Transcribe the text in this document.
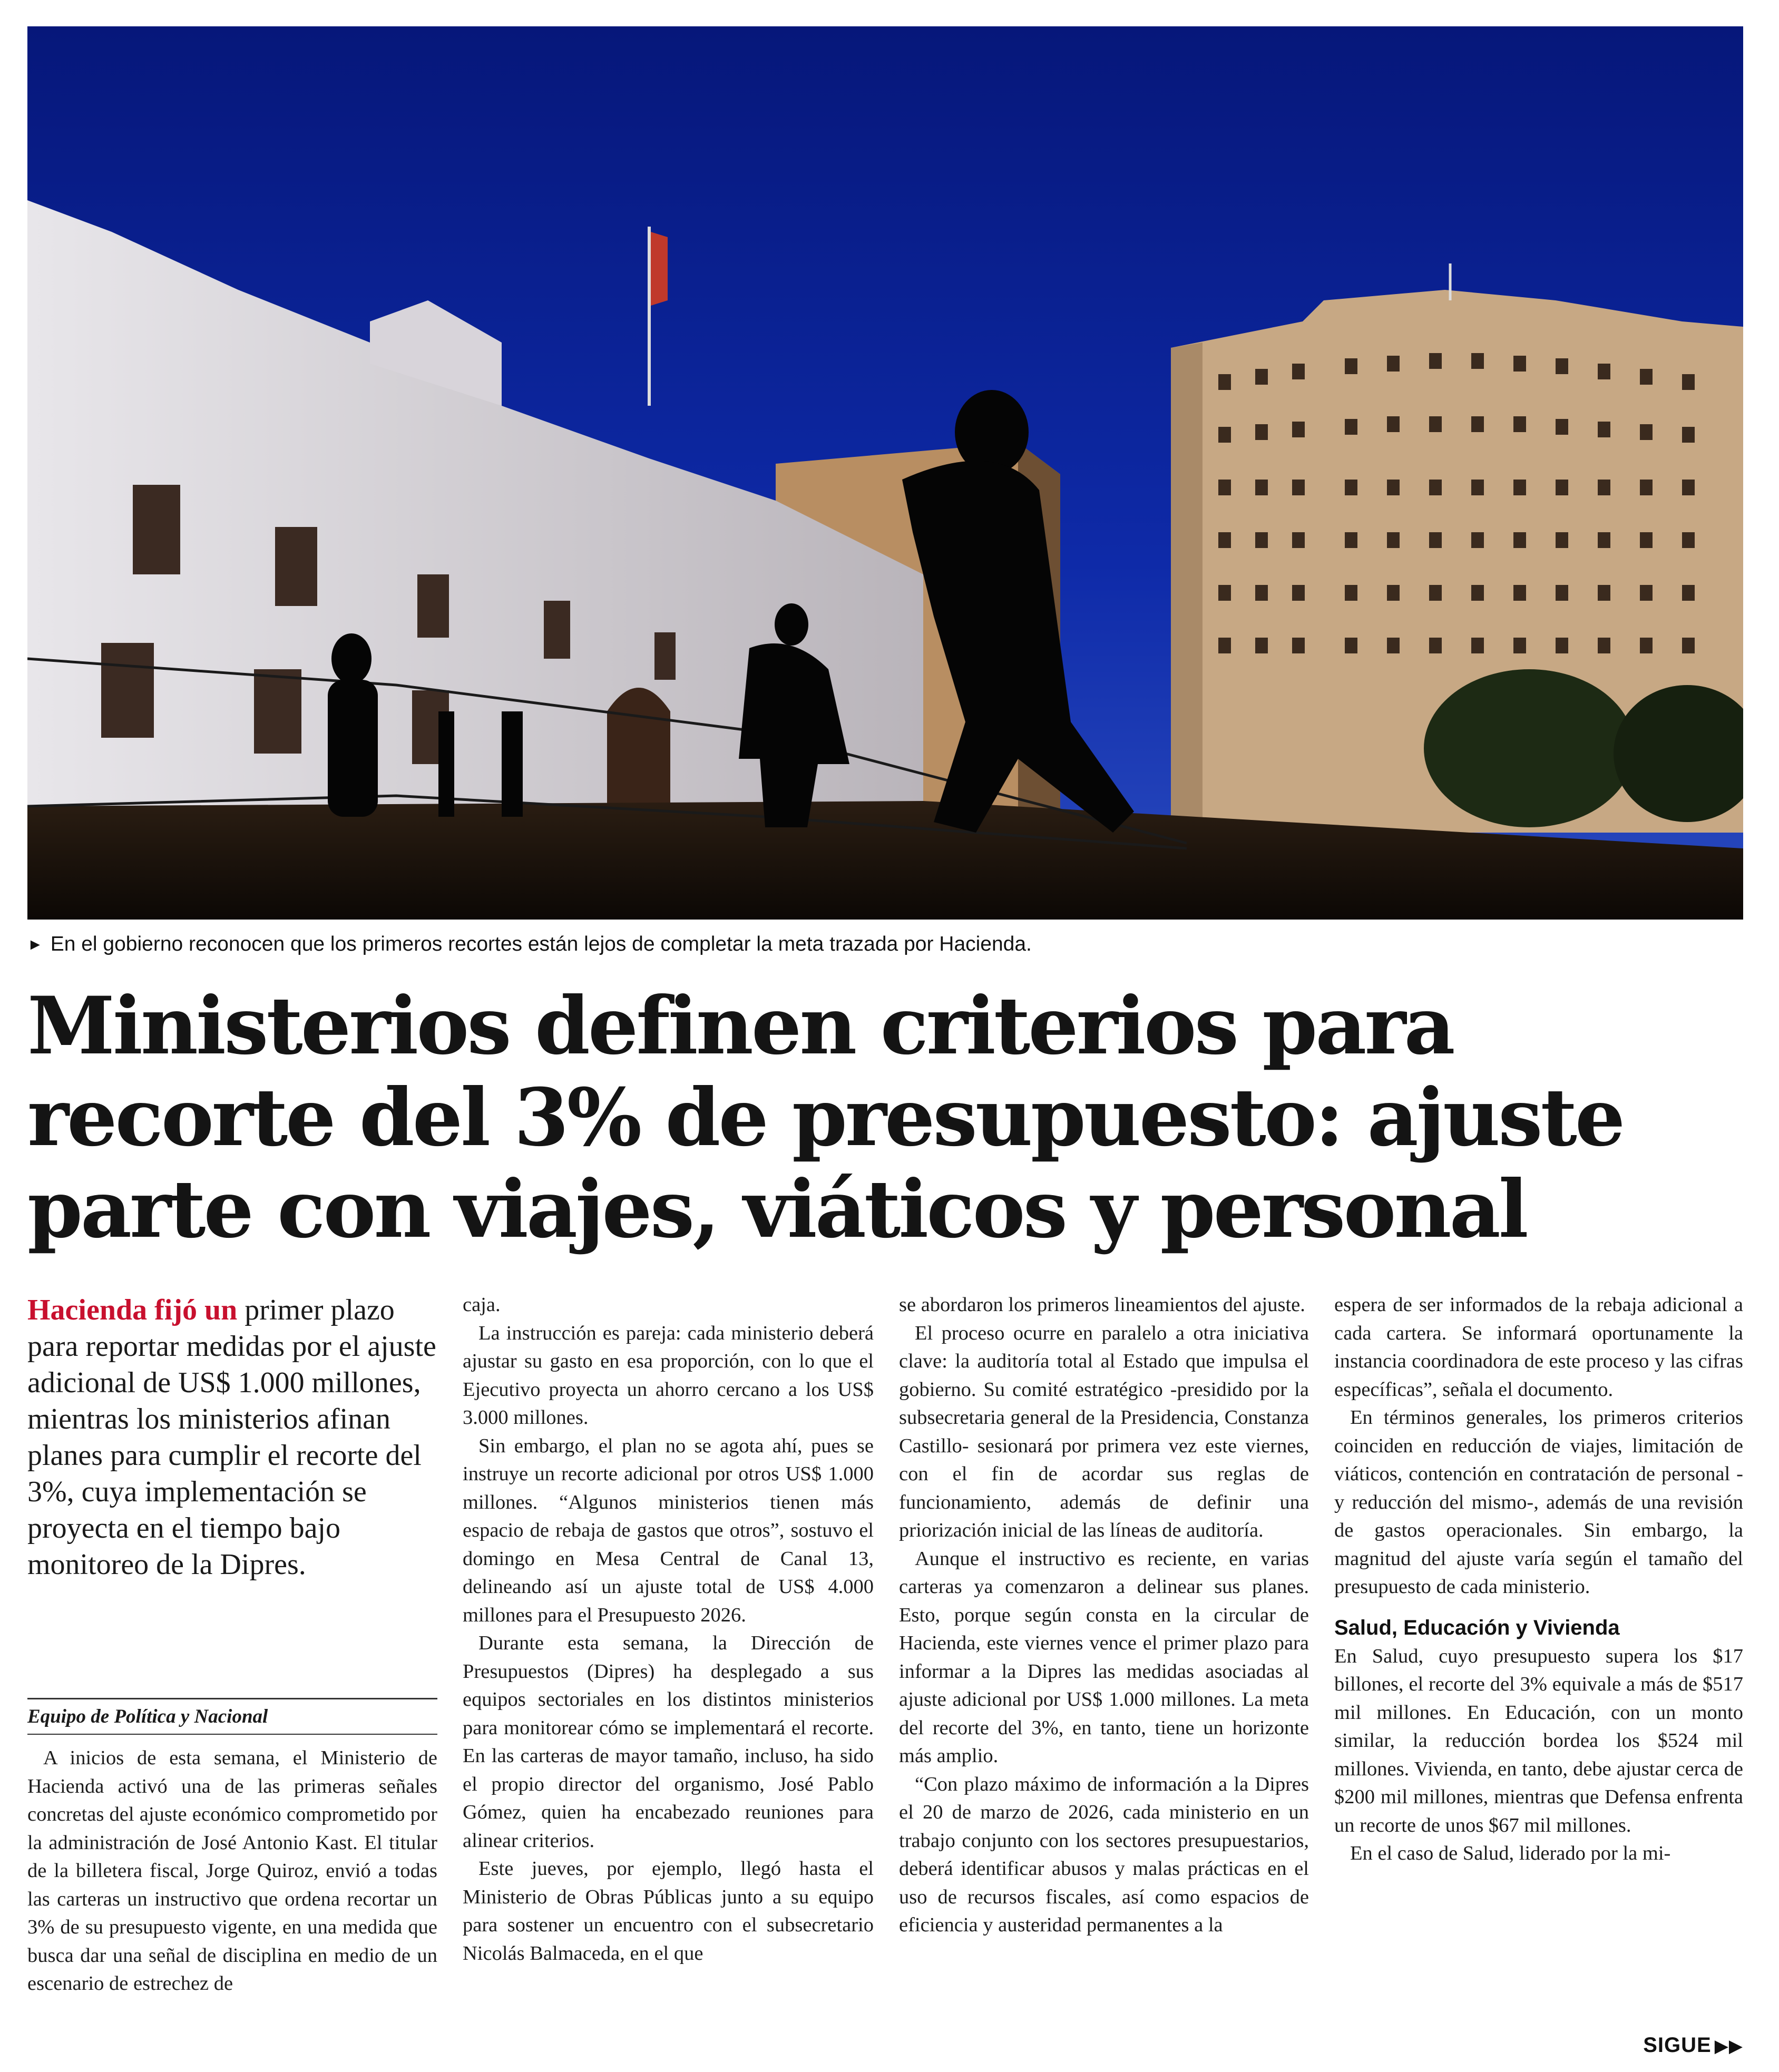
► En el gobierno reconocen que los primeros recortes están lejos de completar la meta trazada por Hacienda.
Ministerios definen criterios para
recorte del 3% de presupuesto: ajuste
parte con viajes, viáticos y personal
Hacienda fijó un primer plazo para reportar medidas por el ajuste adicional de US$ 1.000 millones, mientras los ministerios afinan planes para cumplir el recorte del 3%, cuya implementación se proyecta en el tiempo bajo monitoreo de la Dipres.
Equipo de Política y Nacional

A inicios de esta semana, el Ministerio de Hacienda activó una de las primeras señales concretas del ajuste económico comprometido por la administración de José Antonio Kast. El titular de la billetera fiscal, Jorge Quiroz, envió a todas las carteras un instructivo que ordena recortar un 3% de su presupuesto vigente, en una medida que busca dar una señal de disciplina en medio de un escenario de estrechez de

caja.

La instrucción es pareja: cada ministerio deberá ajustar su gasto en esa proporción, con lo que el Ejecutivo proyecta un ahorro cercano a los US$ 3.000 millones.

Sin embargo, el plan no se agota ahí, pues se instruye un recorte adicional por otros US$ 1.000 millones. “Algunos ministerios tienen más espacio de rebaja de gastos que otros”, sostuvo el domingo en Mesa Central de Canal 13, delineando así un ajuste total de US$ 4.000 millones para el Presupuesto 2026.

Durante esta semana, la Dirección de Presupuestos (Dipres) ha desplegado a sus equipos sectoriales en los distintos ministerios para monitorear cómo se implementará el recorte. En las carteras de mayor tamaño, incluso, ha sido el propio director del organismo, José Pablo Gómez, quien ha encabezado reuniones para alinear criterios.

Este jueves, por ejemplo, llegó hasta el Ministerio de Obras Públicas junto a su equipo para sostener un encuentro con el subsecretario Nicolás Balmaceda, en el que

se abordaron los primeros lineamientos del ajuste.

El proceso ocurre en paralelo a otra iniciativa clave: la auditoría total al Estado que impulsa el gobierno. Su comité estratégico -presidido por la subsecretaria general de la Presidencia, Constanza Castillo- sesionará por primera vez este viernes, con el fin de acordar sus reglas de funcionamiento, además de definir una priorización inicial de las líneas de auditoría.

Aunque el instructivo es reciente, en varias carteras ya comenzaron a delinear sus planes. Esto, porque según consta en la circular de Hacienda, este viernes vence el primer plazo para informar a la Dipres las medidas asociadas al ajuste adicional por US$ 1.000 millones. La meta del recorte del 3%, en tanto, tiene un horizonte más amplio.

“Con plazo máximo de información a la Dipres el 20 de marzo de 2026, cada ministerio en un trabajo conjunto con los sectores presupuestarios, deberá identificar abusos y malas prácticas en el uso de recursos fiscales, así como espacios de eficiencia y austeridad permanentes a la

espera de ser informados de la rebaja adicional a cada cartera. Se informará oportunamente la instancia coordinadora de este proceso y las cifras específicas”, señala el documento.

En términos generales, los primeros criterios coinciden en reducción de viajes, limitación de viáticos, contención en contratación de personal -y reducción del mismo-, además de una revisión de gastos operacionales. Sin embargo, la magnitud del ajuste varía según el tamaño del presupuesto de cada ministerio.

Salud, Educación y Vivienda

En Salud, cuyo presupuesto supera los $17 billones, el recorte del 3% equivale a más de $517 mil millones. En Educación, con un monto similar, la reducción bordea los $524 mil millones. Vivienda, en tanto, debe ajustar cerca de $200 mil millones, mientras que Defensa enfrenta un recorte de unos $67 mil millones.

En el caso de Salud, liderado por la mi-

SIGUE ▶▶
